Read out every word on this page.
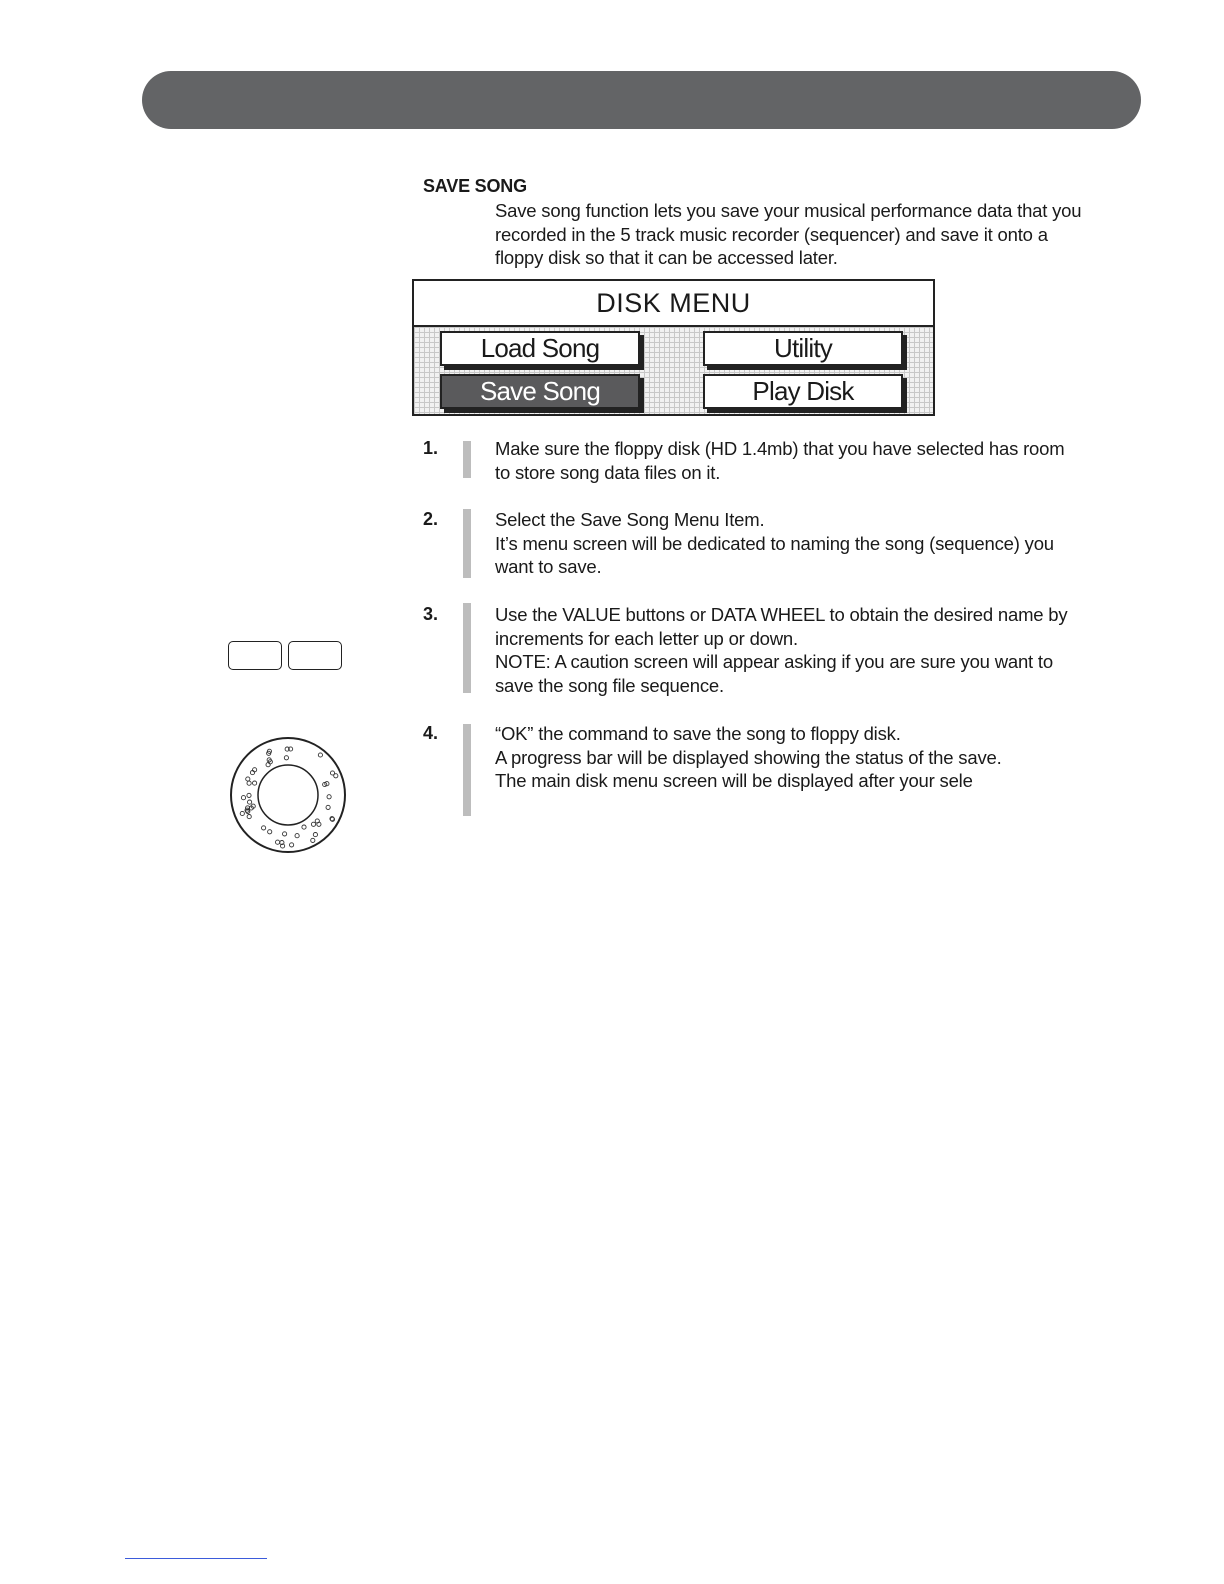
SAVE SONG
Save song function lets you save your musical performance data that you
recorded in the 5 track music recorder (sequencer) and save it onto a
floppy disk so that it can be accessed later.
DISK MENU
Load Song	Utility
Save Song	Play Disk
1.	Make sure the floppy disk (HD 1.4mb) that you have selected has room
to store song data files on it.
2.	Select the Save Song Menu Item.
It’s menu screen will be dedicated to naming the song (sequence) you
want to save.
3.	Use the VALUE buttons or DATA WHEEL to obtain the desired name by
increments for each letter up or down.
NOTE: A caution screen will appear asking if you are sure you want to
save the song file sequence.
4.	“OK” the command to save the song to floppy disk.
A progress bar will be displayed showing the status of the save.
The main disk menu screen will be displayed after your sele
